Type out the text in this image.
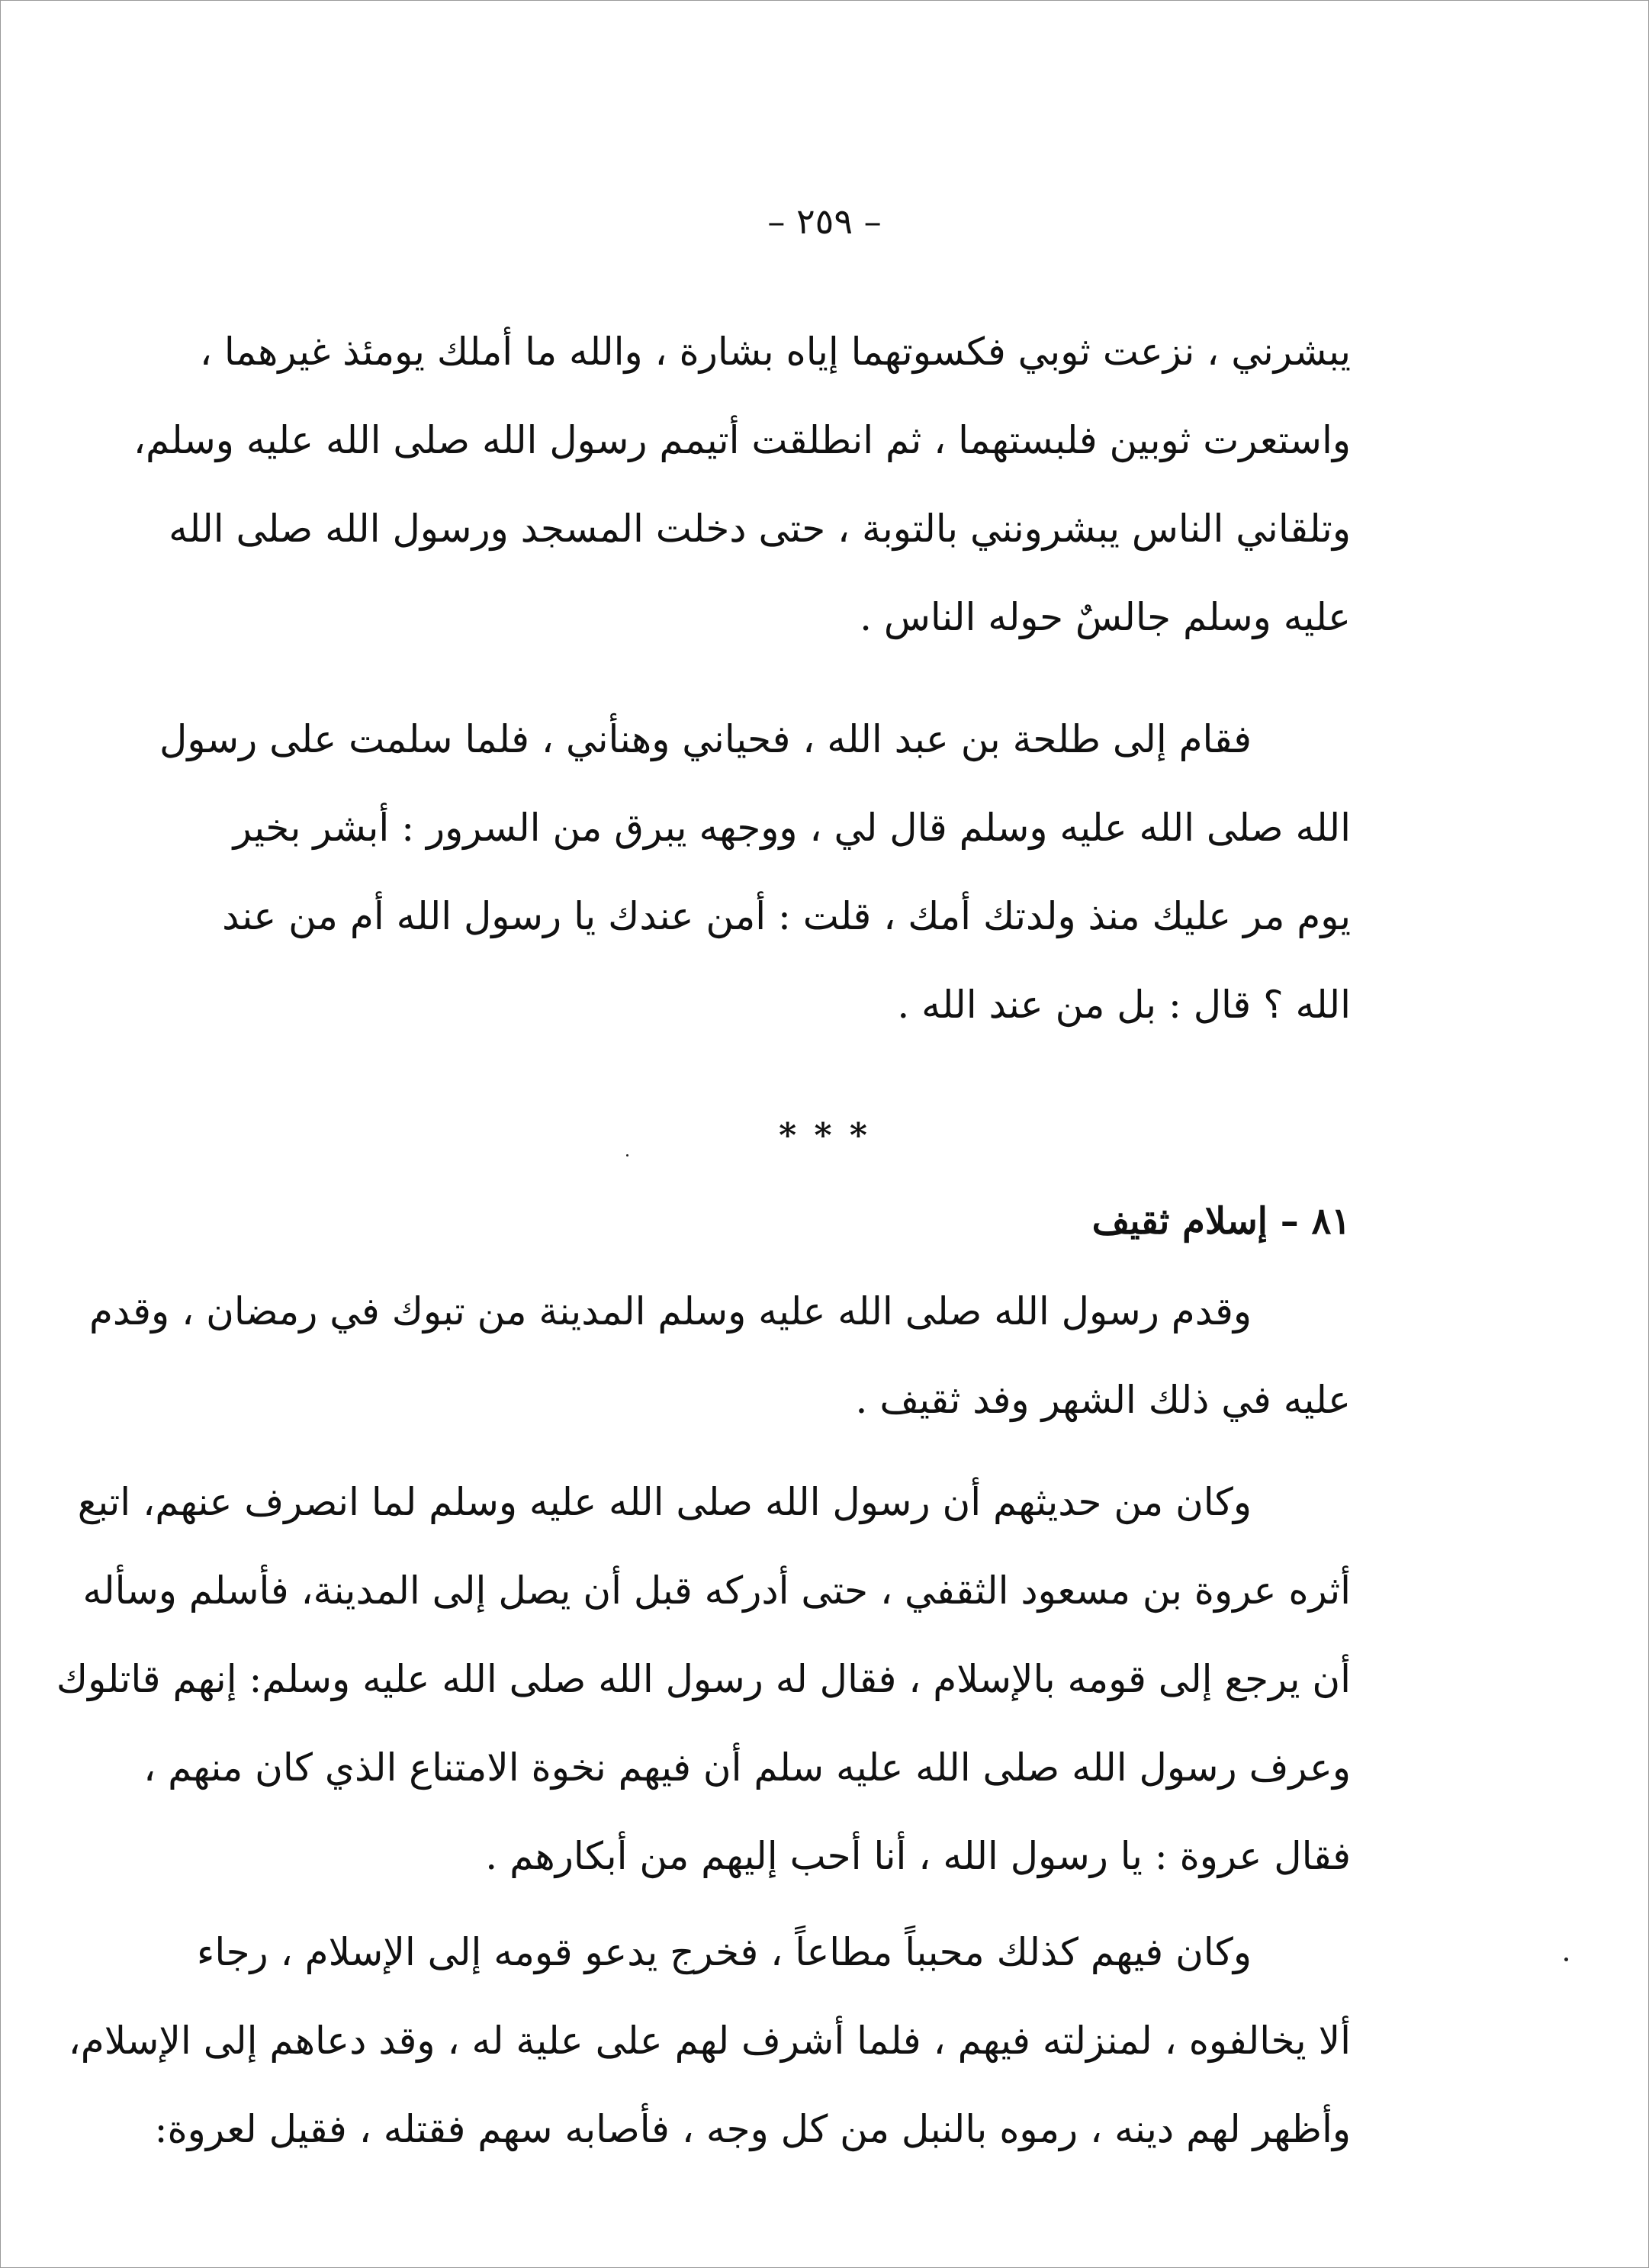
– ٢٥٩ –
يبشرني ، نزعت ثوبي فكسوتهما إياه بشارة ، والله ما أملك يومئذ غيرهما ،
واستعرت ثوبين فلبستهما ، ثم انطلقت أتيمم رسول الله صلى الله عليه وسلم،
وتلقاني الناس يبشرونني بالتوبة ، حتى دخلت المسجد ورسول الله صلى الله
عليه وسلم جالسٌ حوله الناس .
فقام إلى طلحة بن عبد الله ، فحياني وهنأني ، فلما سلمت على رسول
الله صلى الله عليه وسلم قال لي ، ووجهه يبرق من السرور : أبشر بخير
يوم مر عليك منذ ولدتك أمك ، قلت : أمن عندك يا رسول الله أم من عند
الله ؟ قال : بل من عند الله .
* * *
٨١ – إسلام ثقيف
وقدم رسول الله صلى الله عليه وسلم المدينة من تبوك في رمضان ، وقدم
عليه في ذلك الشهر وفد ثقيف .
وكان من حديثهم أن رسول الله صلى الله عليه وسلم لما انصرف عنهم، اتبع
أثره عروة بن مسعود الثقفي ، حتى أدركه قبل أن يصل إلى المدينة، فأسلم وسأله
أن يرجع إلى قومه بالإسلام ، فقال له رسول الله صلى الله عليه وسلم: إنهم قاتلوك
وعرف رسول الله صلى الله عليه سلم أن فيهم نخوة الامتناع الذي كان منهم ،
فقال عروة : يا رسول الله ، أنا أحب إليهم من أبكارهم .
وكان فيهم كذلك محبباً مطاعاً ، فخرج يدعو قومه إلى الإسلام ، رجاء
ألا يخالفوه ، لمنزلته فيهم ، فلما أشرف لهم على علية له ، وقد دعاهم إلى الإسلام،
وأظهر لهم دينه ، رموه بالنبل من كل وجه ، فأصابه سهم فقتله ، فقيل لعروة:
